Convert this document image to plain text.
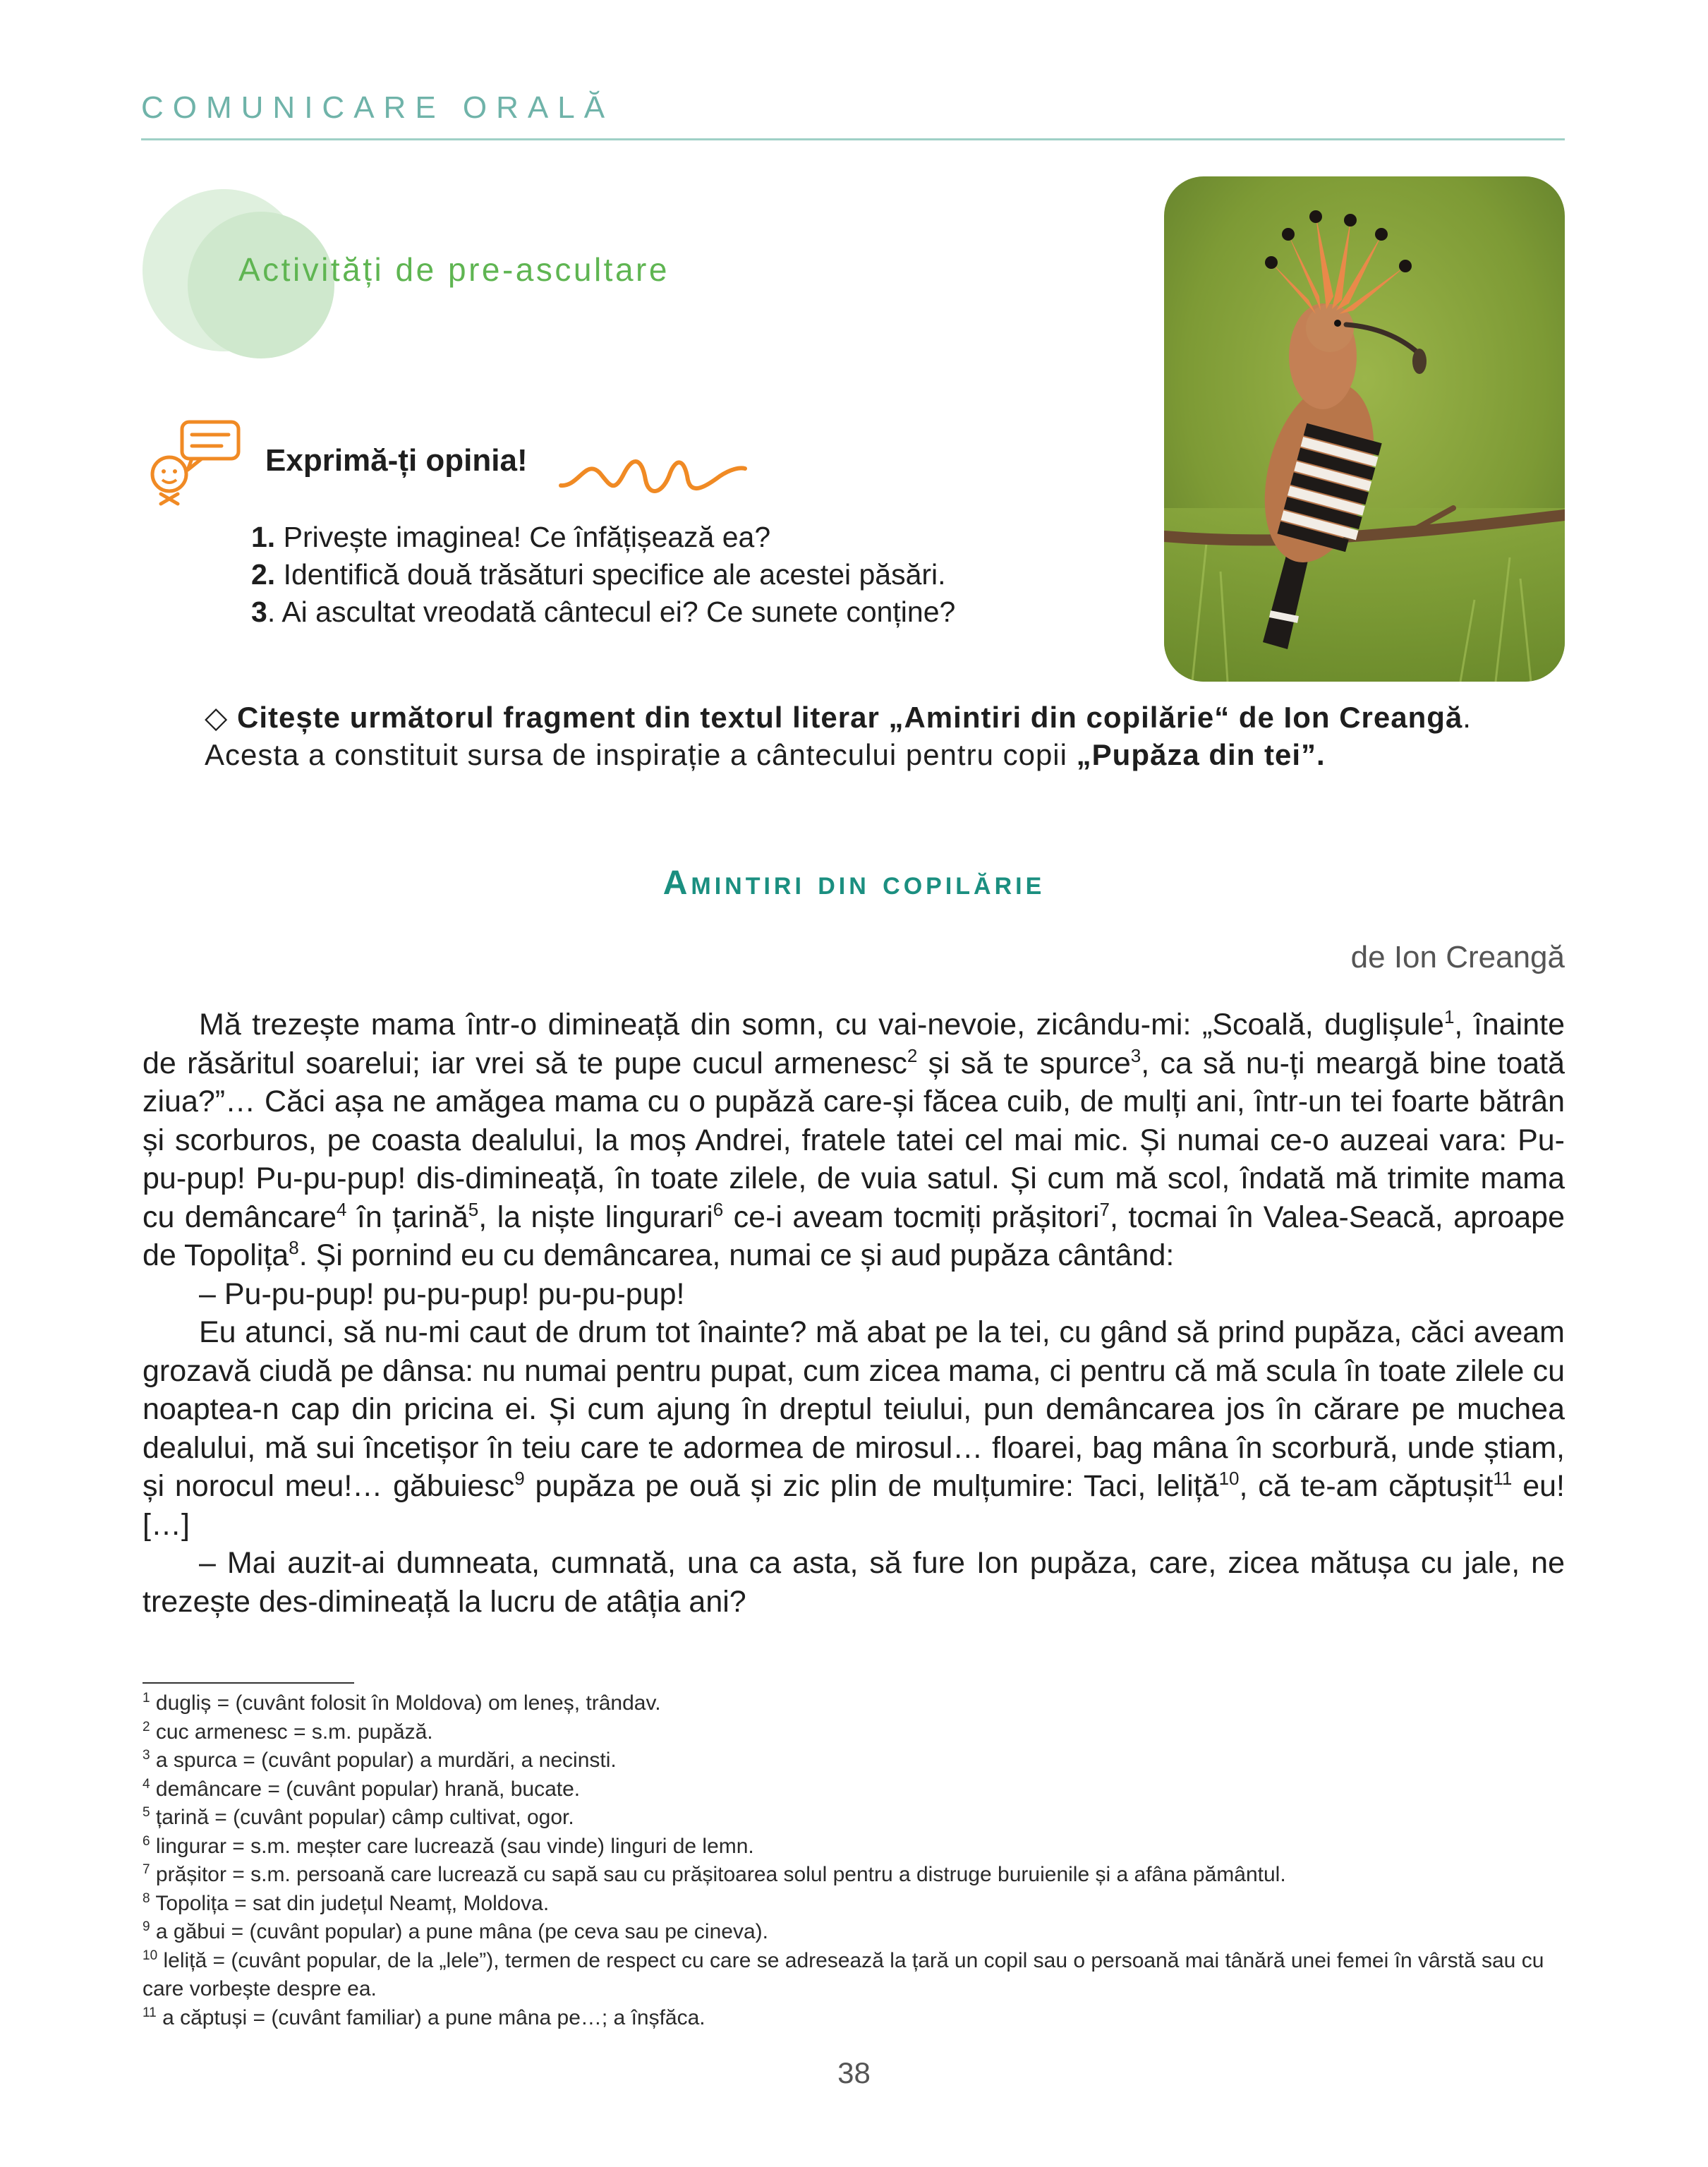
COMUNICARE ORALĂ
Activități de pre-ascultare
Exprimă-ți opinia!
1. Privește imaginea! Ce înfățișează ea?
2. Identifică două trăsături specifice ale acestei păsări.
3. Ai ascultat vreodată cântecul ei? Ce sunete conține?
◇ Citește următorul fragment din textul literar „Amintiri din copilărie“ de Ion Creangă.
Acesta a constituit sursa de inspirație a cântecului pentru copii „Pupăza din tei”.
Amintiri din copilărie
de Ion Creangă

Mă trezește mama într-o dimineață din somn, cu vai-nevoie, zicându-mi: „Scoală, duglișule$^1$, înainte de răsăritul soarelui; iar vrei să te pupe cucul armenesc$^2$ și să te spurce$^3$, ca să nu-ți meargă bine toată ziua?”… Căci așa ne amăgea mama cu o pupăză care-și făcea cuib, de mulți ani, într-un tei foarte bătrân și scorburos, pe coasta dealului, la moș Andrei, fratele tatei cel mai mic. Și numai ce-o auzeai vara: Pu-pu-pup! Pu-pu-pup! dis-dimineață, în toate zilele, de vuia satul. Și cum mă scol, îndată mă trimite mama cu demâncare$^4$ în țarină$^5$, la niște lingurari$^6$ ce-i aveam tocmiți prășitori$^7$, tocmai în Valea-Seacă, aproape de Topolița$^8$. Și pornind eu cu demâncarea, numai ce și aud pupăza cântând:

– Pu-pu-pup! pu-pu-pup! pu-pu-pup!

Eu atunci, să nu-mi caut de drum tot înainte? mă abat pe la tei, cu gând să prind pupăza, căci aveam grozavă ciudă pe dânsa: nu numai pentru pupat, cum zicea mama, ci pentru că mă scula în toate zilele cu noaptea-n cap din pricina ei. Și cum ajung în dreptul teiului, pun demâncarea jos în cărare pe muchea dealului, mă sui încetișor în teiu care te adormea de mirosul… floarei, bag mâna în scorbură, unde știam, și norocul meu!… găbuiesc$^9$ pupăza pe ouă și zic plin de mulțumire: Taci, leliță$^{10}$, că te-am căptușit$^{11}$ eu! […]

– Mai auzit-ai dumneata, cumnată, una ca asta, să fure Ion pupăza, care, zicea mătușa cu jale, ne trezește des-dimineață la lucru de atâția ani?

$^1$ dugliș = (cuvânt folosit în Moldova) om leneș, trândav.

$^2$ cuc armenesc = s.m. pupăză.

$^3$ a spurca = (cuvânt popular) a murdări, a necinsti.

$^4$ demâncare = (cuvânt popular) hrană, bucate.

$^5$ țarină = (cuvânt popular) câmp cultivat, ogor.

$^6$ lingurar = s.m. meșter care lucrează (sau vinde) linguri de lemn.

$^7$ prășitor = s.m. persoană care lucrează cu sapă sau cu prășitoarea solul pentru a distruge buruienile și a afâna pământul.

$^8$ Topolița = sat din județul Neamț, Moldova.

$^9$ a găbui = (cuvânt popular) a pune mâna (pe ceva sau pe cineva).

$^{10}$ leliță = (cuvânt popular, de la „lele”), termen de respect cu care se adresează la țară un copil sau o persoană mai tânără unei femei în vârstă sau cu care vorbește despre ea.

$^{11}$ a căptuși = (cuvânt familiar) a pune mâna pe…; a înșfăca.

38
